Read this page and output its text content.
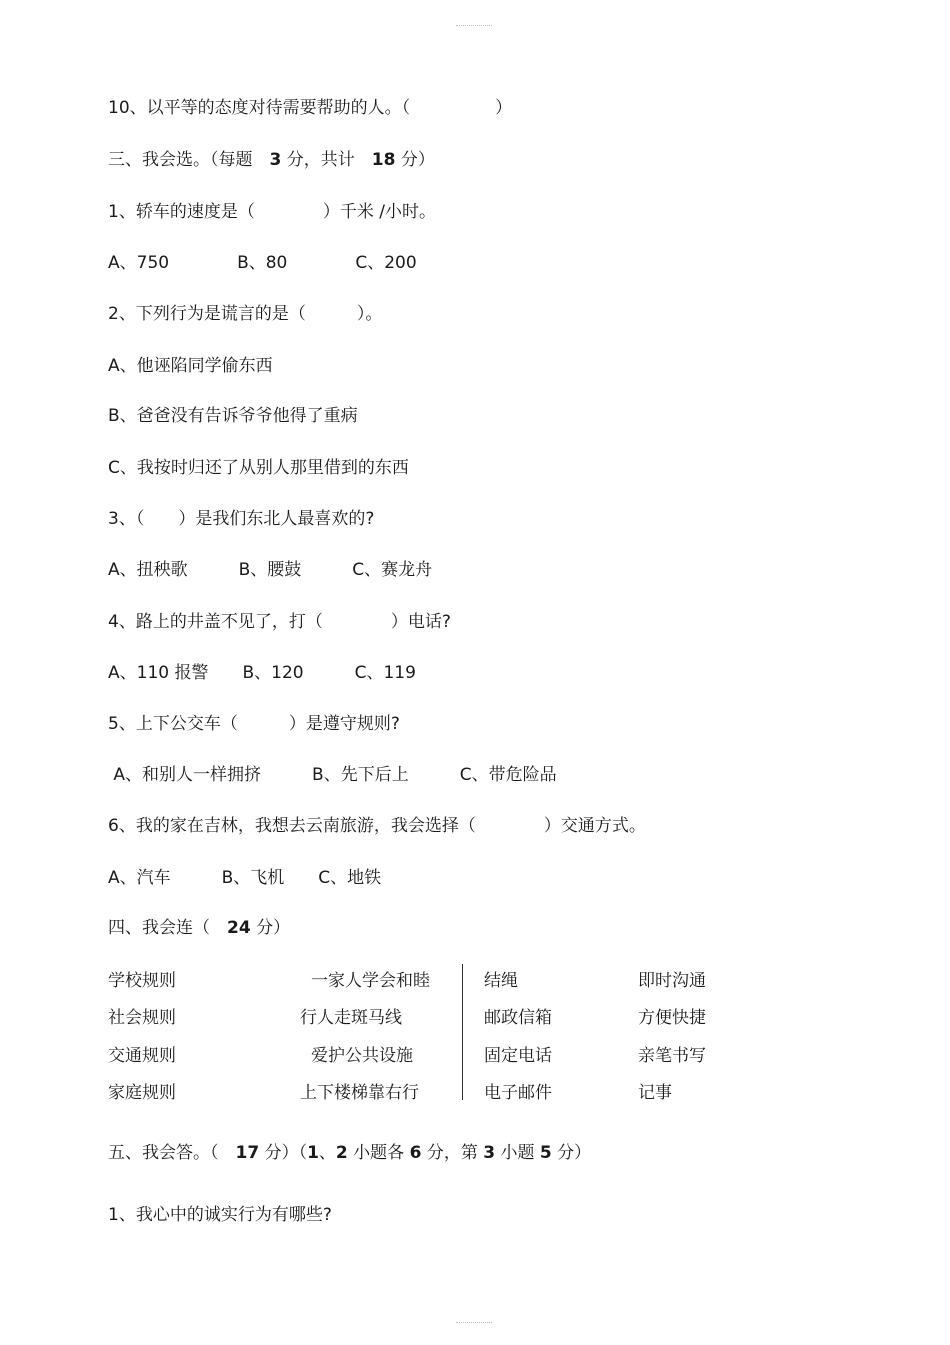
10、以平等的态度对待需要帮助的人。（　　　　　）
三、我会选。（每题　3 分，共计　18 分）
1、轿车的速度是（　　　　）千米 /小时。
A、750　　　　B、80　　　　C、200
2、下列行为是谎言的是（　　　）。
A、他诬陷同学偷东西
B、爸爸没有告诉爷爷他得了重病
C、我按时归还了从别人那里借到的东西
3、（　　）是我们东北人最喜欢的?
A、扭秧歌　　　B、腰鼓　　　C、赛龙舟
4、路上的井盖不见了，打（　　　　）电话?
A、110 报警　　B、120　　　C、119
5、上下公交车（　　　）是遵守规则?
A、和别人一样拥挤　　　B、先下后上　　　C、带危险品
6、我的家在吉林，我想去云南旅游，我会选择（　　　　）交通方式。
A、汽车　　　B、飞机　　C、地铁
四、我会连（　24 分）
学校规则
社会规则
交通规则
家庭规则
一家人学会和睦
行人走斑马线
爱护公共设施
上下楼梯靠右行
结绳
邮政信箱
固定电话
电子邮件
即时沟通
方便快捷
亲笔书写
记事
五、我会答。（　17 分）（1、2 小题各 6 分，第 3 小题 5 分）
1、我心中的诚实行为有哪些?
